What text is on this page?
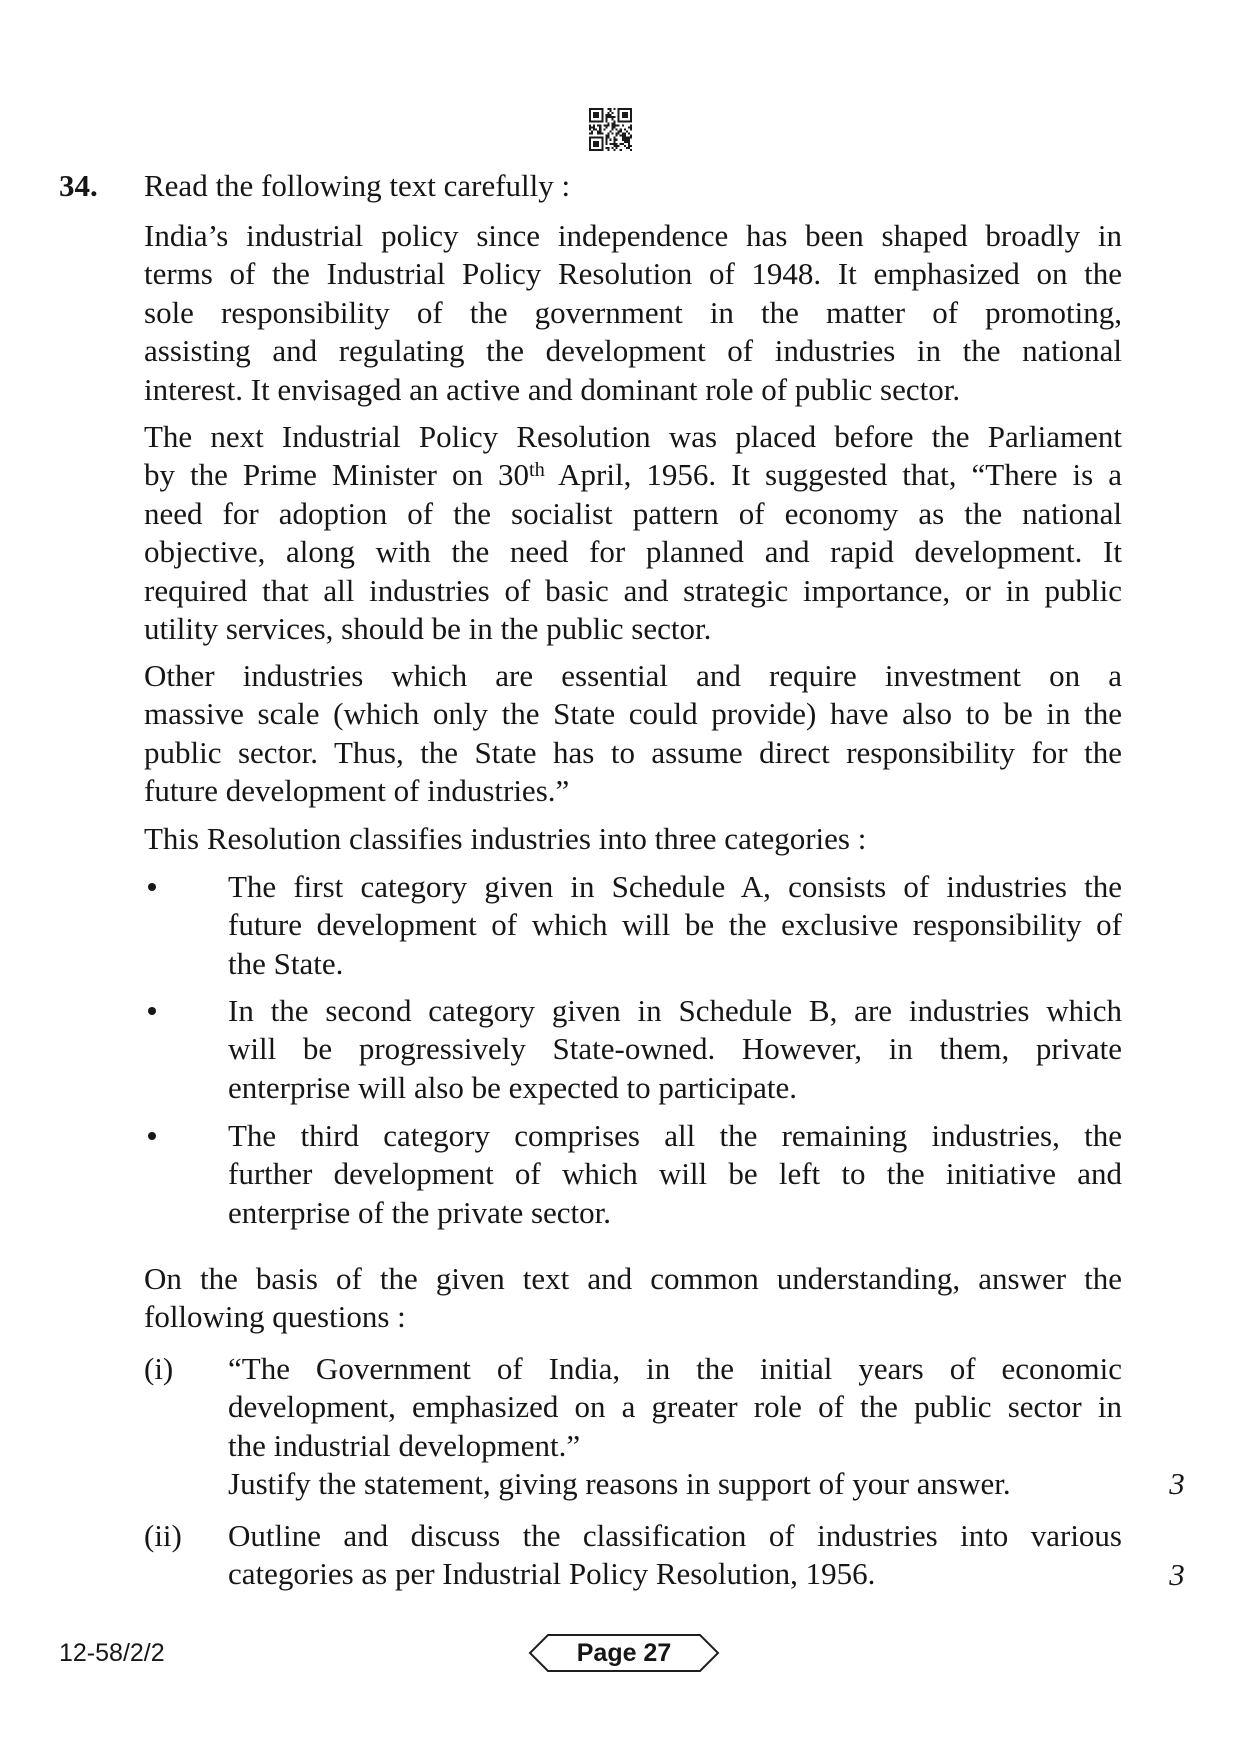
34. Read the following text carefully :
India’s industrial policy since independence has been shaped broadly in
terms of the Industrial Policy Resolution of 1948. It emphasized on the
sole responsibility of the government in the matter of promoting,
assisting and regulating the development of industries in the national
interest. It envisaged an active and dominant role of public sector.
The next Industrial Policy Resolution was placed before the Parliament
by the Prime Minister on 30th April, 1956. It suggested that, “There is a
need for adoption of the socialist pattern of economy as the national
objective, along with the need for planned and rapid development. It
required that all industries of basic and strategic importance, or in public
utility services, should be in the public sector.
Other industries which are essential and require investment on a
massive scale (which only the State could provide) have also to be in the
public sector. Thus, the State has to assume direct responsibility for the
future development of industries.”
This Resolution classifies industries into three categories :
The first category given in Schedule A, consists of industries the
future development of which will be the exclusive responsibility of
the State.
In the second category given in Schedule B, are industries which
will be progressively State-owned. However, in them, private
enterprise will also be expected to participate.
The third category comprises all the remaining industries, the
further development of which will be left to the initiative and
enterprise of the private sector.
On the basis of the given text and common understanding, answer the
following questions :
(i) “The Government of India, in the initial years of economic
development, emphasized on a greater role of the public sector in
the industrial development.”
Justify the statement, giving reasons in support of your answer.	3
(ii) Outline and discuss the classification of industries into various
categories as per Industrial Policy Resolution, 1956.	3
12-58/2/2	Page 27
